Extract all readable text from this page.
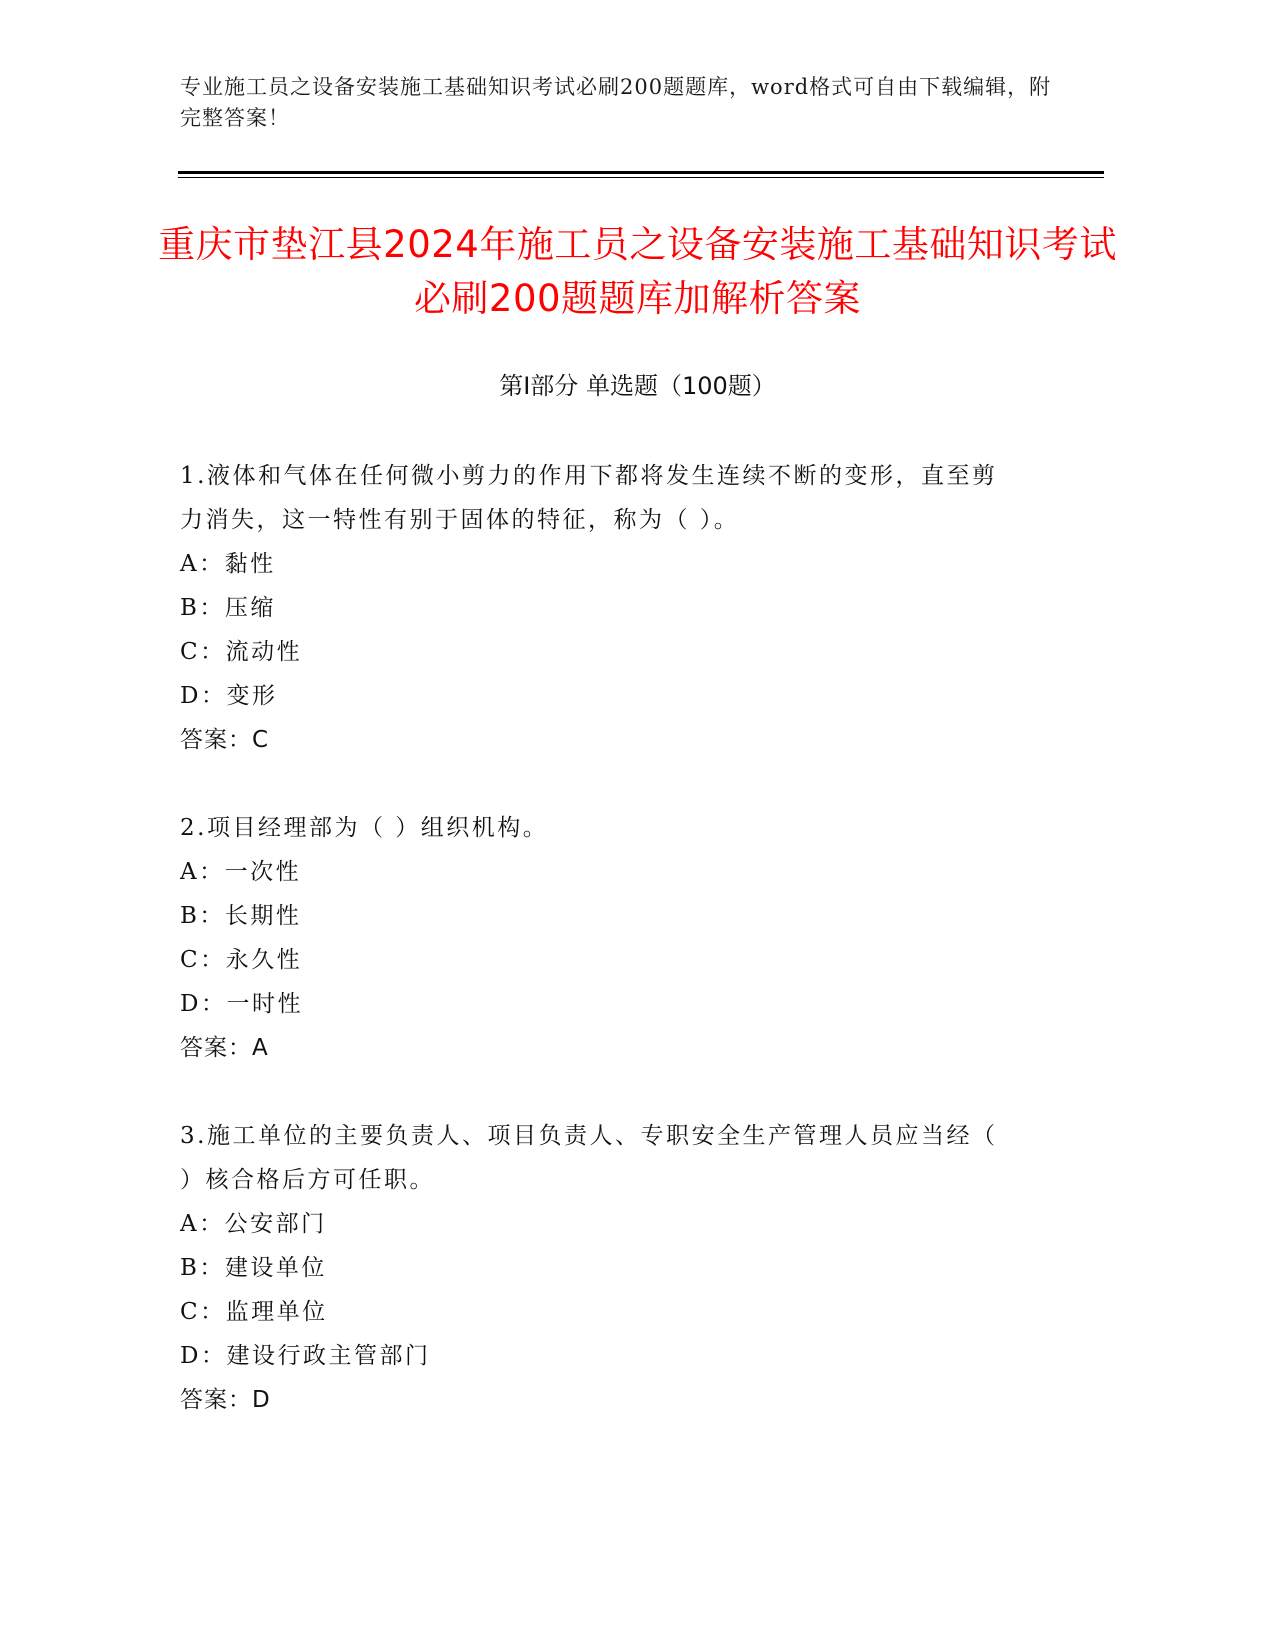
专业施工员之设备安装施工基础知识考试必刷200题题库，word格式可自由下载编辑，附完整答案！
重庆市垫江县2024年施工员之设备安装施工基础知识考试必刷200题题库加解析答案
第Ⅰ部分 单选题（100题）
1.液体和气体在任何微小剪力的作用下都将发生连续不断的变形，直至剪力消失，这一特性有别于固体的特征，称为（ ）。
A：黏性
B：压缩
C：流动性
D：变形
答案：C
2.项目经理部为（ ）组织机构。
A：一次性
B：长期性
C：永久性
D：一时性
答案：A
3.施工单位的主要负责人、项目负责人、专职安全生产管理人员应当经（ ）核合格后方可任职。
A：公安部门
B：建设单位
C：监理单位
D：建设行政主管部门
答案：D
